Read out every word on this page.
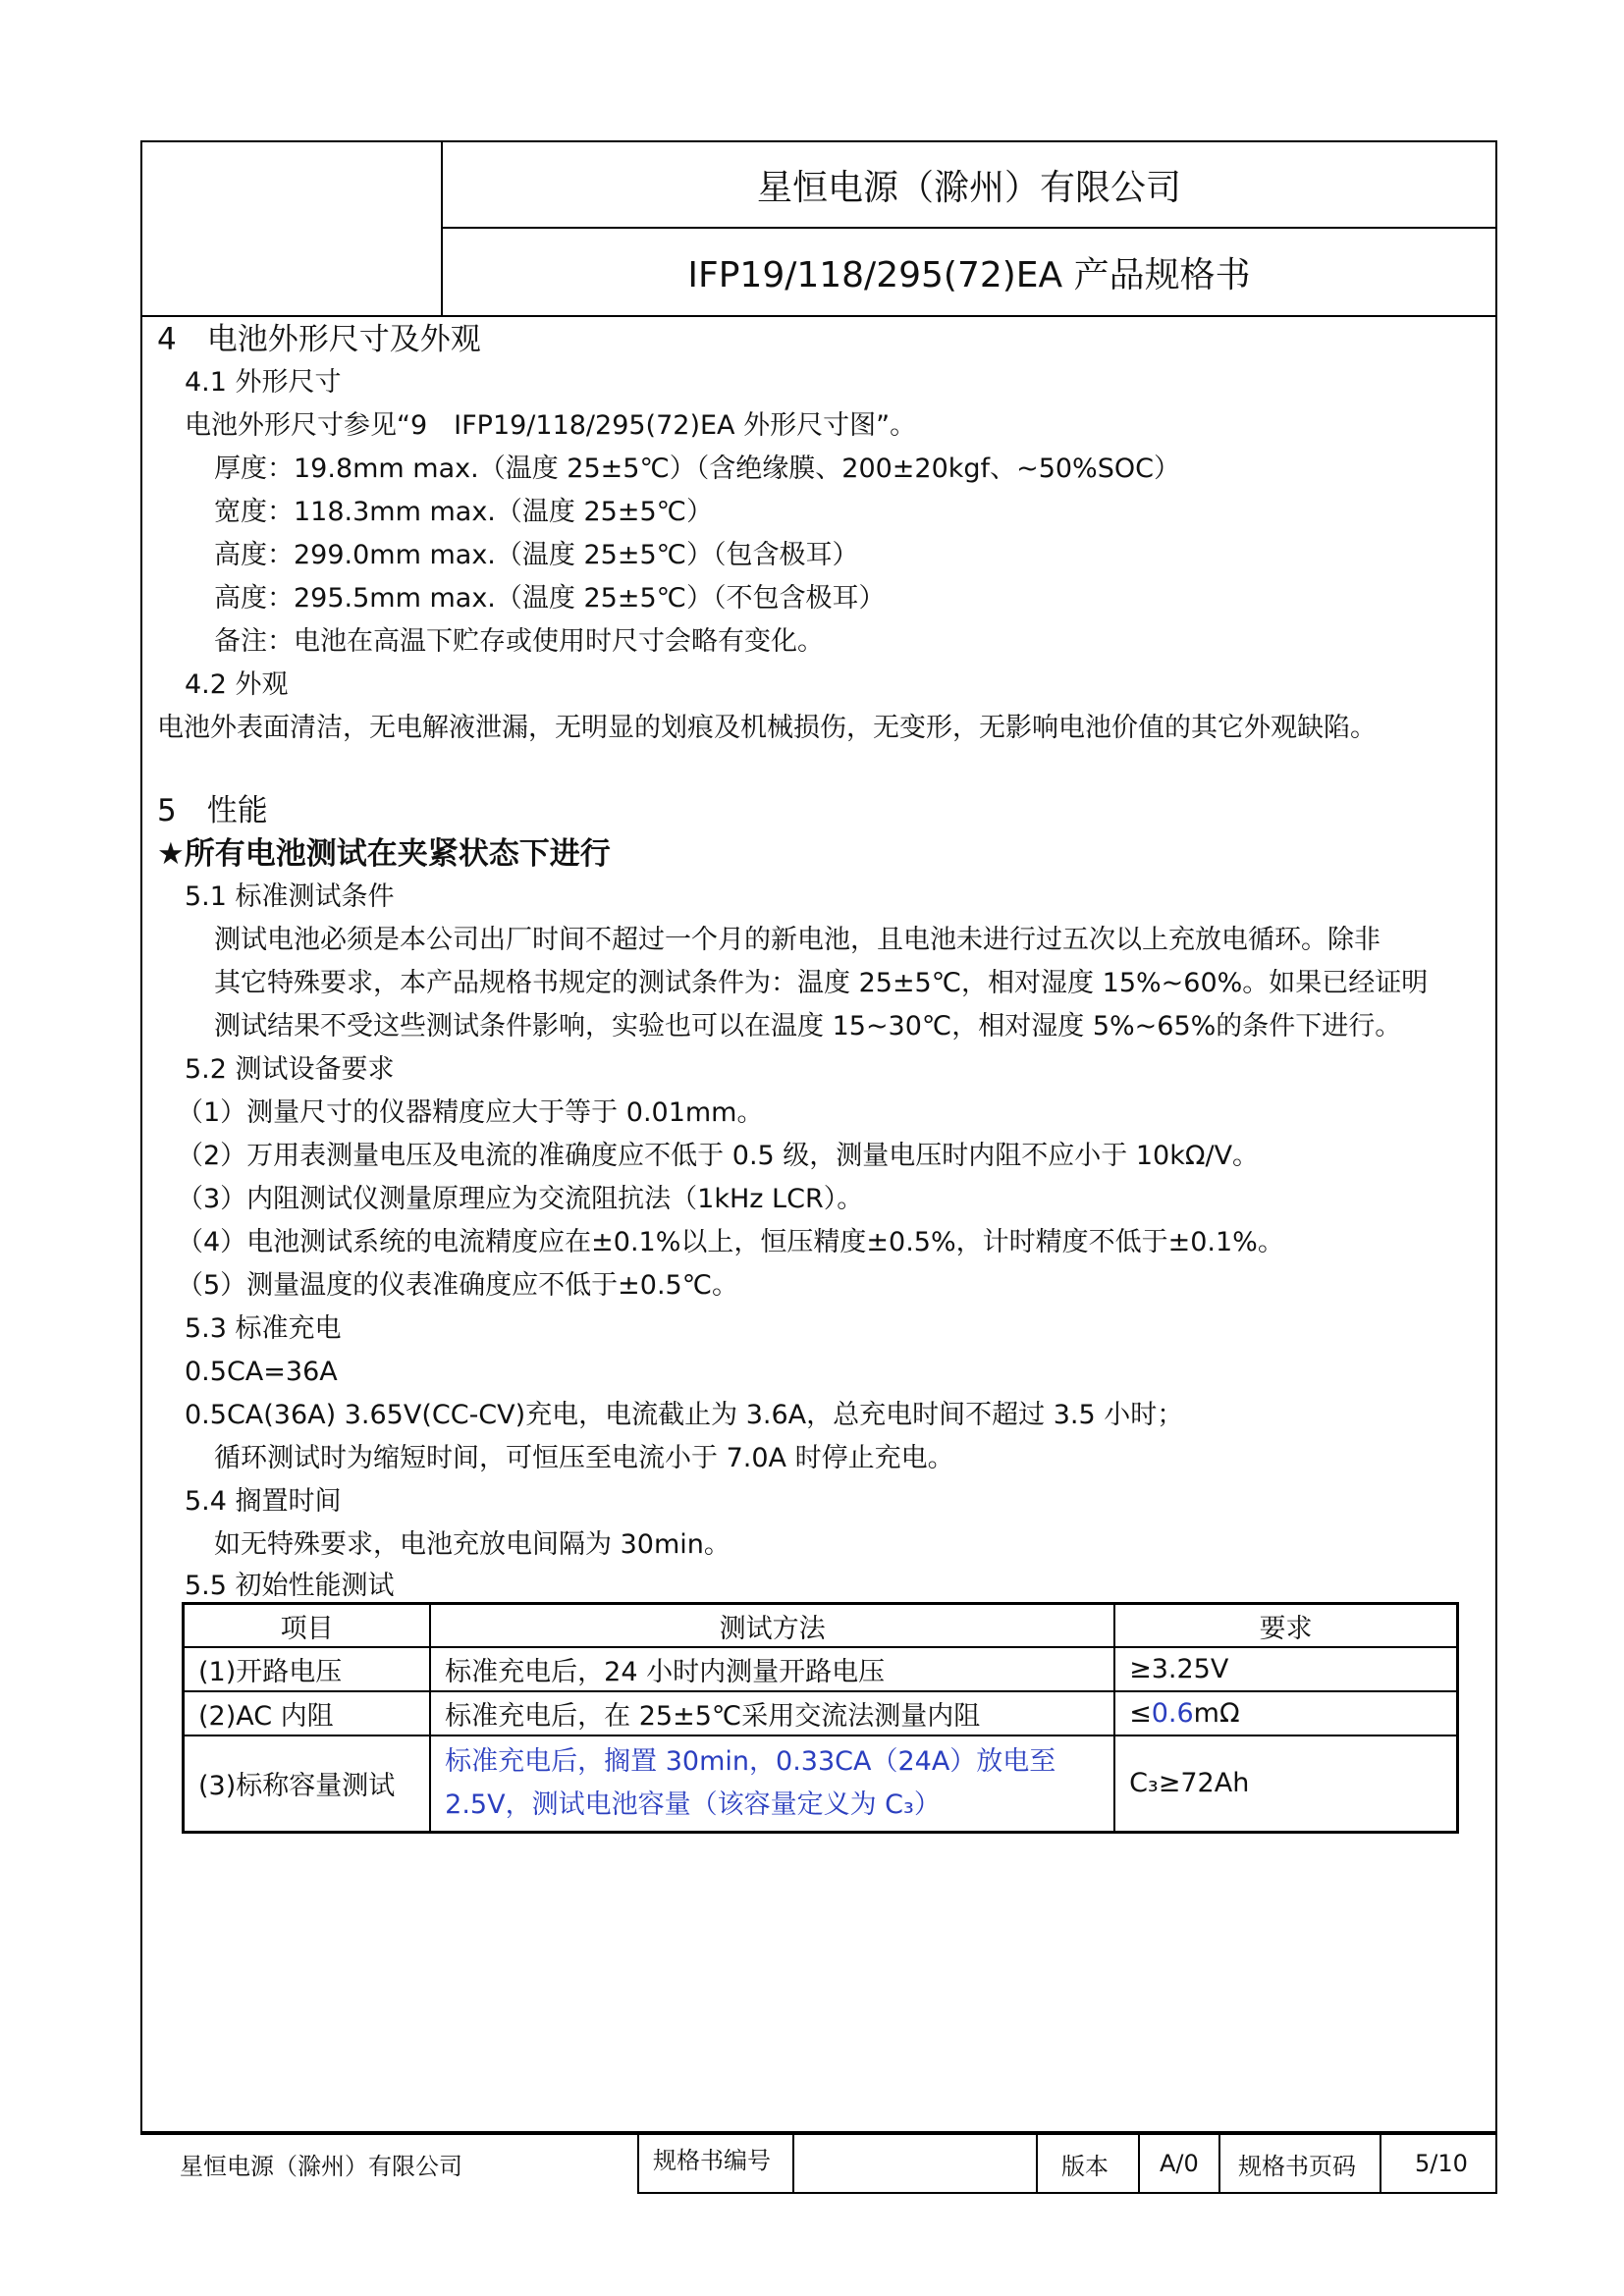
星恒电源（滁州）有限公司
IFP19/118/295(72)EA 产品规格书
4　电池外形尺寸及外观
4.1 外形尺寸
电池外形尺寸参见“9　IFP19/118/295(72)EA 外形尺寸图”。
厚度：19.8mm max.（温度 25±5℃）（含绝缘膜、200±20kgf、~50%SOC）
宽度：118.3mm max.（温度 25±5℃）
高度：299.0mm max.（温度 25±5℃）（包含极耳）
高度：295.5mm max.（温度 25±5℃）（不包含极耳）
备注：电池在高温下贮存或使用时尺寸会略有变化。
4.2 外观
电池外表面清洁，无电解液泄漏，无明显的划痕及机械损伤，无变形，无影响电池价值的其它外观缺陷。
5　性能
★所有电池测试在夹紧状态下进行
5.1 标准测试条件
测试电池必须是本公司出厂时间不超过一个月的新电池，且电池未进行过五次以上充放电循环。除非
其它特殊要求，本产品规格书规定的测试条件为：温度 25±5℃，相对湿度 15%~60%。如果已经证明
测试结果不受这些测试条件影响，实验也可以在温度 15~30℃，相对湿度 5%~65%的条件下进行。
5.2 测试设备要求
（1）测量尺寸的仪器精度应大于等于 0.01mm。
（2）万用表测量电压及电流的准确度应不低于 0.5 级，测量电压时内阻不应小于 10kΩ/V。
（3）内阻测试仪测量原理应为交流阻抗法（1kHz LCR）。
（4）电池测试系统的电流精度应在±0.1%以上，恒压精度±0.5%，计时精度不低于±0.1%。
（5）测量温度的仪表准确度应不低于±0.5℃。
5.3 标准充电
0.5CA=36A
0.5CA(36A) 3.65V(CC-CV)充电，电流截止为 3.6A，总充电时间不超过 3.5 小时；
循环测试时为缩短时间，可恒压至电流小于 7.0A 时停止充电。
5.4 搁置时间
如无特殊要求，电池充放电间隔为 30min。
5.5 初始性能测试
项目	测试方法	要求
(1)开路电压	标准充电后，24 小时内测量开路电压	≥3.25V
(2)AC 内阻	标准充电后，在 25±5℃采用交流法测量内阻	≤0.6mΩ
(3)标称容量测试	标准充电后，搁置 30min，0.33CA（24A）放电至
2.5V，测试电池容量（该容量定义为 C₃）	C₃≥72Ah
星恒电源（滁州）有限公司	规格书编号	版本 A/0 规格书页码	5/10
